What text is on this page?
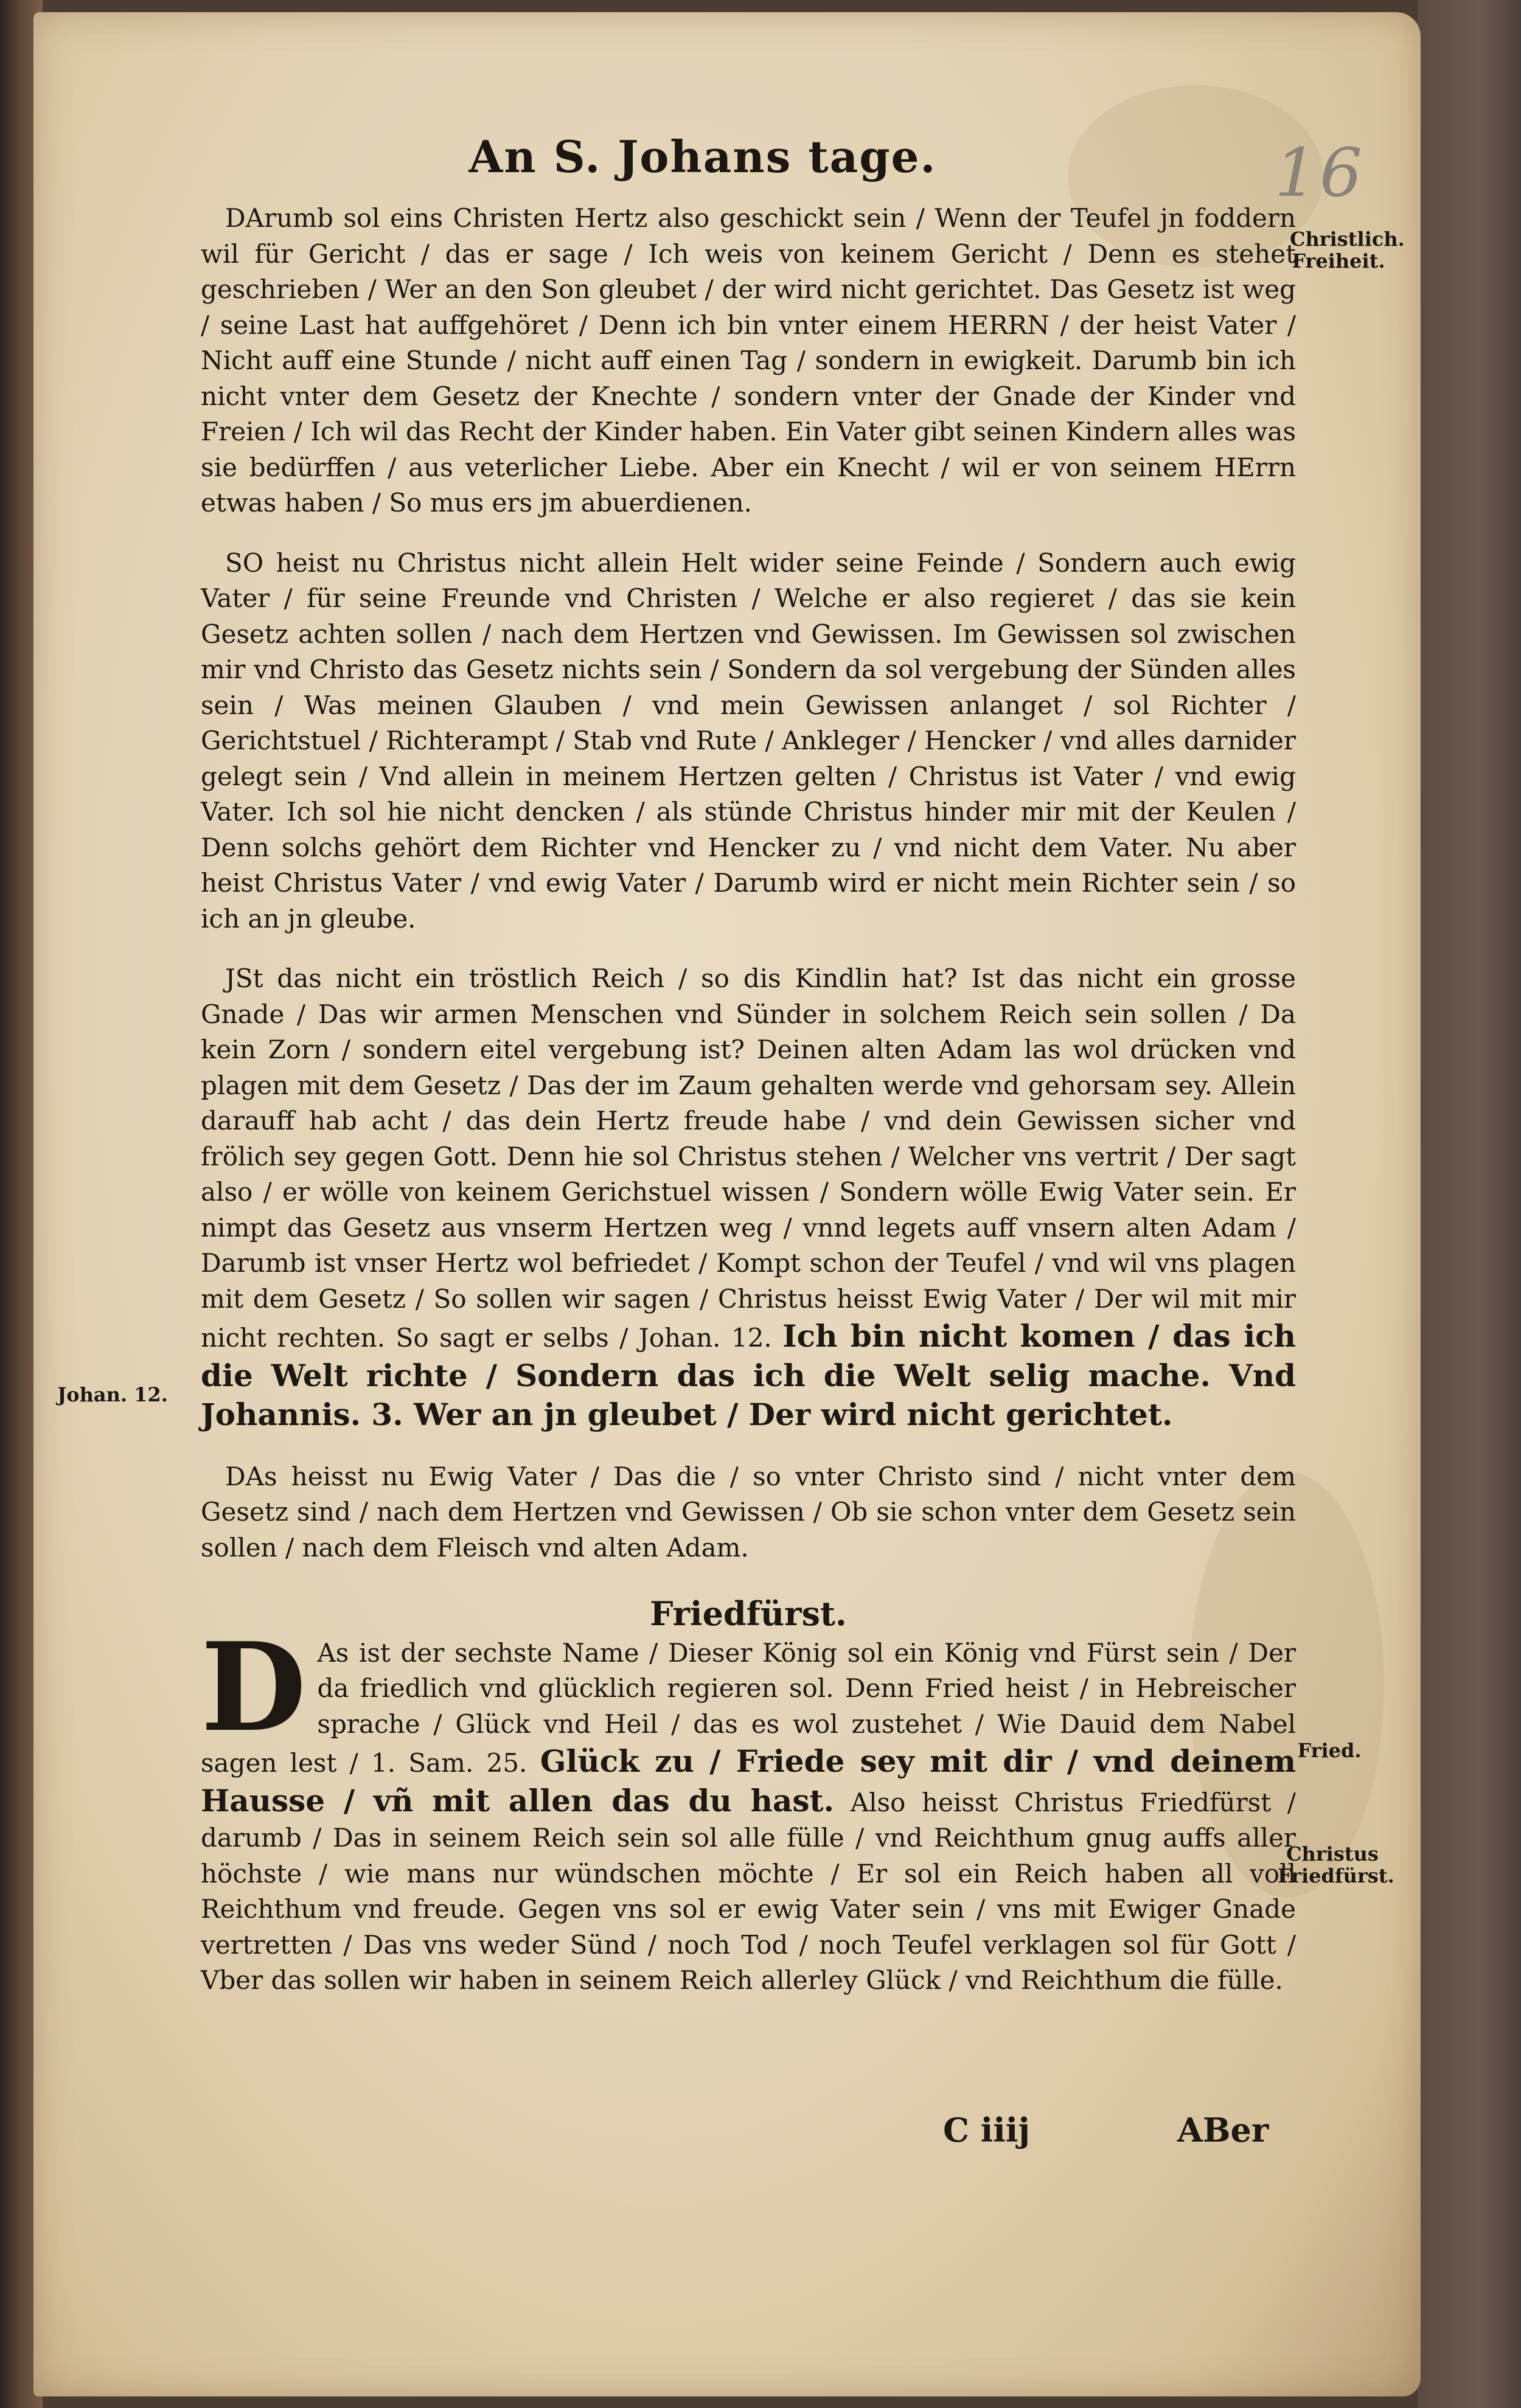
16
An S. Johans tage.

DArumb sol eins Christen Hertz also geschickt sein / Wenn der Teufel jn foddern wil für Gericht / das er sage / Ich weis von keinem Gericht / Denn es stehet geschrieben / Wer an den Son gleubet / der wird nicht gerichtet. Das Gesetz ist weg / seine Last hat auffgehöret / Denn ich bin vnter einem HERRN / der heist Vater / Nicht auff eine Stunde / nicht auff einen Tag / sondern in ewigkeit. Darumb bin ich nicht vnter dem Gesetz der Knechte / sondern vnter der Gnade der Kinder vnd Freien / Ich wil das Recht der Kinder haben. Ein Vater gibt seinen Kindern alles was sie bedürffen / aus veterlicher Liebe. Aber ein Knecht / wil er von seinem HErrn etwas haben / So mus ers jm abuerdienen.

SO heist nu Christus nicht allein Helt wider seine Feinde / Sondern auch ewig Vater / für seine Freunde vnd Christen / Welche er also regieret / das sie kein Gesetz achten sollen / nach dem Hertzen vnd Gewissen. Im Gewissen sol zwischen mir vnd Christo das Gesetz nichts sein / Sondern da sol vergebung der Sünden alles sein / Was meinen Glauben / vnd mein Gewissen anlanget / sol Richter / Gerichtstuel / Richterampt / Stab vnd Rute / Ankleger / Hencker / vnd alles darnider gelegt sein / Vnd allein in meinem Hertzen gelten / Christus ist Vater / vnd ewig Vater. Ich sol hie nicht dencken / als stünde Christus hinder mir mit der Keulen / Denn solchs gehört dem Richter vnd Hencker zu / vnd nicht dem Vater. Nu aber heist Christus Vater / vnd ewig Vater / Darumb wird er nicht mein Richter sein / so ich an jn gleube.

JSt das nicht ein tröstlich Reich / so dis Kindlin hat? Ist das nicht ein grosse Gnade / Das wir armen Menschen vnd Sünder in solchem Reich sein sollen / Da kein Zorn / sondern eitel vergebung ist? Deinen alten Adam las wol drücken vnd plagen mit dem Gesetz / Das der im Zaum gehalten werde vnd gehorsam sey. Allein darauff hab acht / das dein Hertz freude habe / vnd dein Gewissen sicher vnd frölich sey gegen Gott. Denn hie sol Christus stehen / Welcher vns vertrit / Der sagt also / er wölle von keinem Gerichstuel wissen / Sondern wölle Ewig Vater sein. Er nimpt das Gesetz aus vnserm Hertzen weg / vnnd legets auff vnsern alten Adam / Darumb ist vnser Hertz wol befriedet / Kompt schon der Teufel / vnd wil vns plagen mit dem Gesetz / So sollen wir sagen / Christus heisst Ewig Vater / Der wil mit mir nicht rechten. So sagt er selbs / Johan. 12. Ich bin nicht komen / das ich die Welt richte / Sondern das ich die Welt selig mache. Vnd Johannis. 3. Wer an jn gleubet / Der wird nicht gerichtet.

DAs heisst nu Ewig Vater / Das die / so vnter Christo sind / nicht vnter dem Gesetz sind / nach dem Hertzen vnd Gewissen / Ob sie schon vnter dem Gesetz sein sollen / nach dem Fleisch vnd alten Adam.

Friedfürst.

D As ist der sechste Name / Dieser König sol ein König vnd Fürst sein / Der da friedlich vnd glücklich regieren sol. Denn Fried heist / in Hebreischer sprache / Glück vnd Heil / das es wol zustehet / Wie Dauid dem Nabel sagen lest / 1. Sam. 25. Glück zu / Friede sey mit dir / vnd deinem Hausse / vñ mit allen das du hast. Also heisst Christus Friedfürst / darumb / Das in seinem Reich sein sol alle fülle / vnd Reichthum gnug auffs aller höchste / wie mans nur wündschen möchte / Er sol ein Reich haben all voll Reichthum vnd freude. Gegen vns sol er ewig Vater sein / vns mit Ewiger Gnade vertretten / Das vns weder Sünd / noch Tod / noch Teufel verklagen sol für Gott / Vber das sollen wir haben in seinem Reich allerley Glück / vnd Reichthum die fülle.

Christlich. Freiheit.
Johan. 12.
Fried.
Christus Friedfürst.
C iiij	ABer
